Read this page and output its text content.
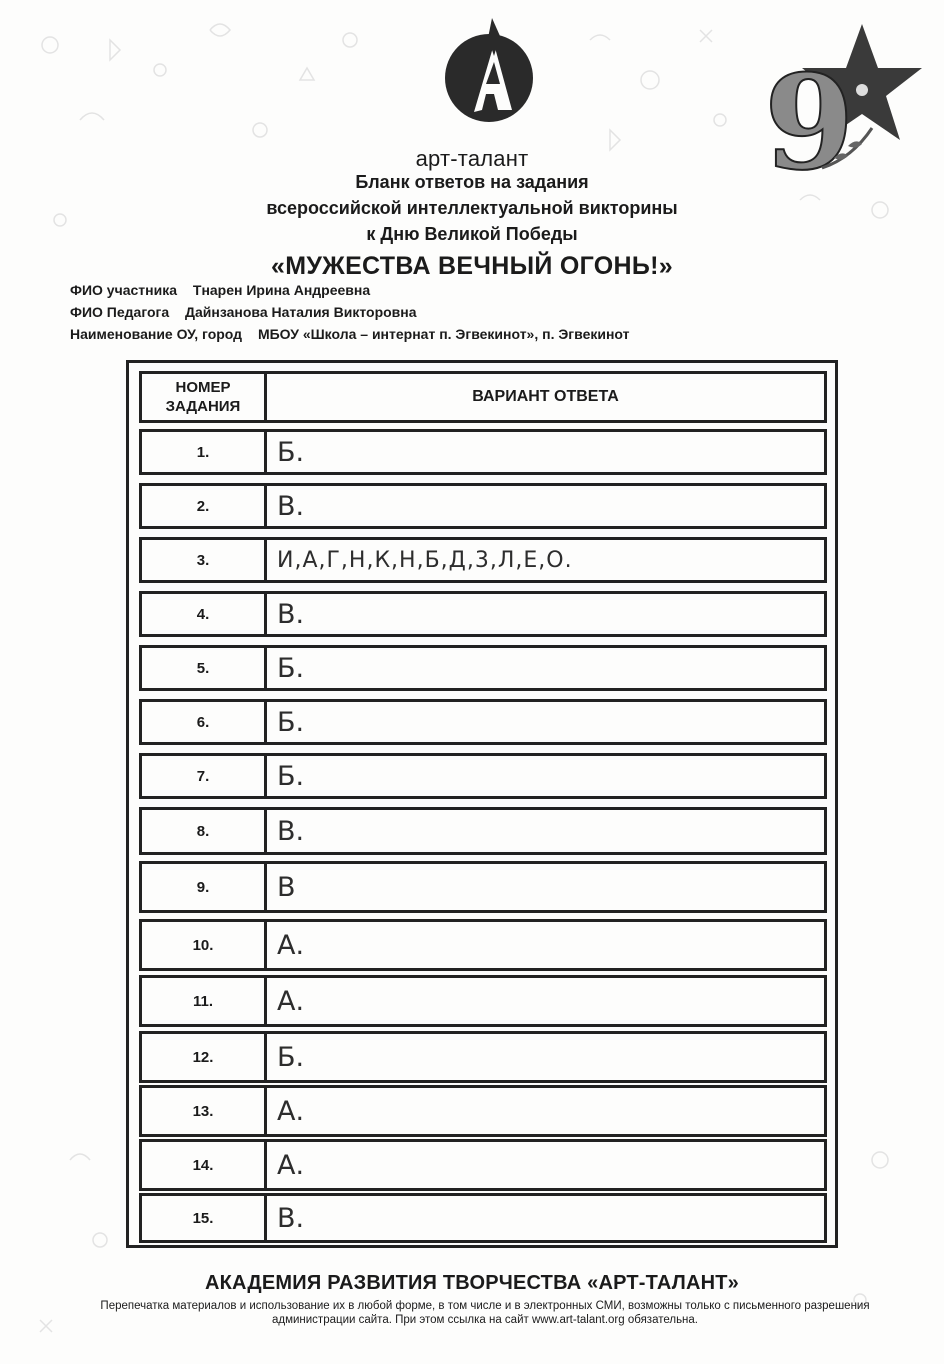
9
арт-талант
Бланк ответов на задания
всероссийской интеллектуальной викторины
к Дню Великой Победы
«МУЖЕСТВА ВЕЧНЫЙ ОГОНЬ!»
ФИО участника Тнарен Ирина Андреевна
ФИО Педагога Дайнзанова Наталия Викторовна
Наименование ОУ, город МБОУ «Школа – интернат п. Эгвекинот», п. Эгвекинот
НОМЕР ЗАДАНИЯ
ВАРИАНТ ОТВЕТА
1.	Б.
2.	В.
3.	И,А,Г,Н,К,Н,Б,Д,3,Л,Е,О.
4.	В.
5.	Б.
6.	Б.
7.	Б.
8.	В.
9.	В
10.	А.
11.	А.
12.	Б.
13.	А.
14.	А.
15.	В.
АКАДЕМИЯ РАЗВИТИЯ ТВОРЧЕСТВА «АРТ-ТАЛАНТ»
Перепечатка материалов и использование их в любой форме, в том числе и в электронных СМИ, возможны только с письменного разрешения администрации сайта. При этом ссылка на сайт www.art-talant.org обязательна.
